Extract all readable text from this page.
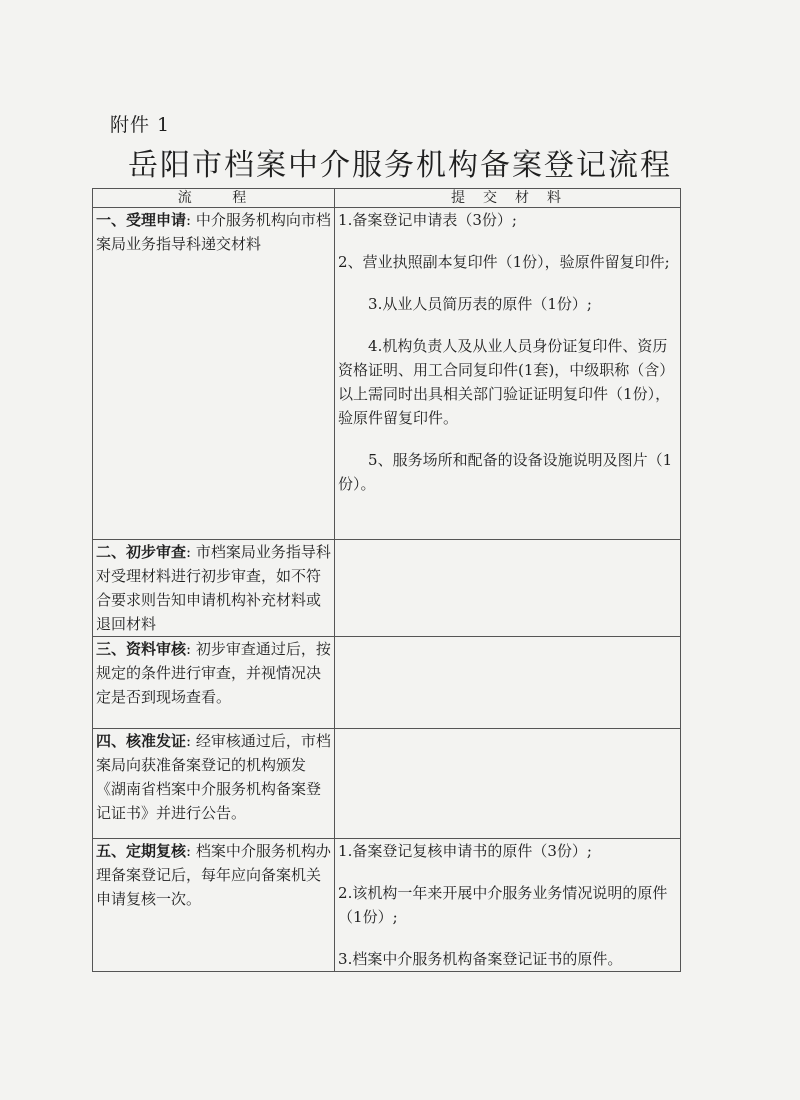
附件 1
岳阳市档案中介服务机构备案登记流程
流 程	提交材料
一、受理申请: 中介服务机构向市档案局业务指导科递交材料	1.备案登记申请表（3份）;

2、营业执照副本复印件（1份），验原件留复印件;

3.从业人员简历表的原件（1份）;

4.机构负责人及从业人员身份证复印件、资历资格证明、用工合同复印件(1套)，中级职称（含）以上需同时出具相关部门验证证明复印件（1份），验原件留复印件。

5、服务场所和配备的设备设施说明及图片（1份）。

二、初步审查: 市档案局业务指导科对受理材料进行初步审查，如不符合要求则告知申请机构补充材料或退回材料	
三、资料审核: 初步审查通过后，按规定的条件进行审查，并视情况决定是否到现场查看。	
四、核准发证: 经审核通过后，市档案局向获准备案登记的机构颁发《湖南省档案中介服务机构备案登记证书》并进行公告。	
五、定期复核: 档案中介服务机构办理备案登记后，每年应向备案机关申请复核一次。	1.备案登记复核申请书的原件（3份）;

2.该机构一年来开展中介服务业务情况说明的原件（1份）;

3.档案中介服务机构备案登记证书的原件。
